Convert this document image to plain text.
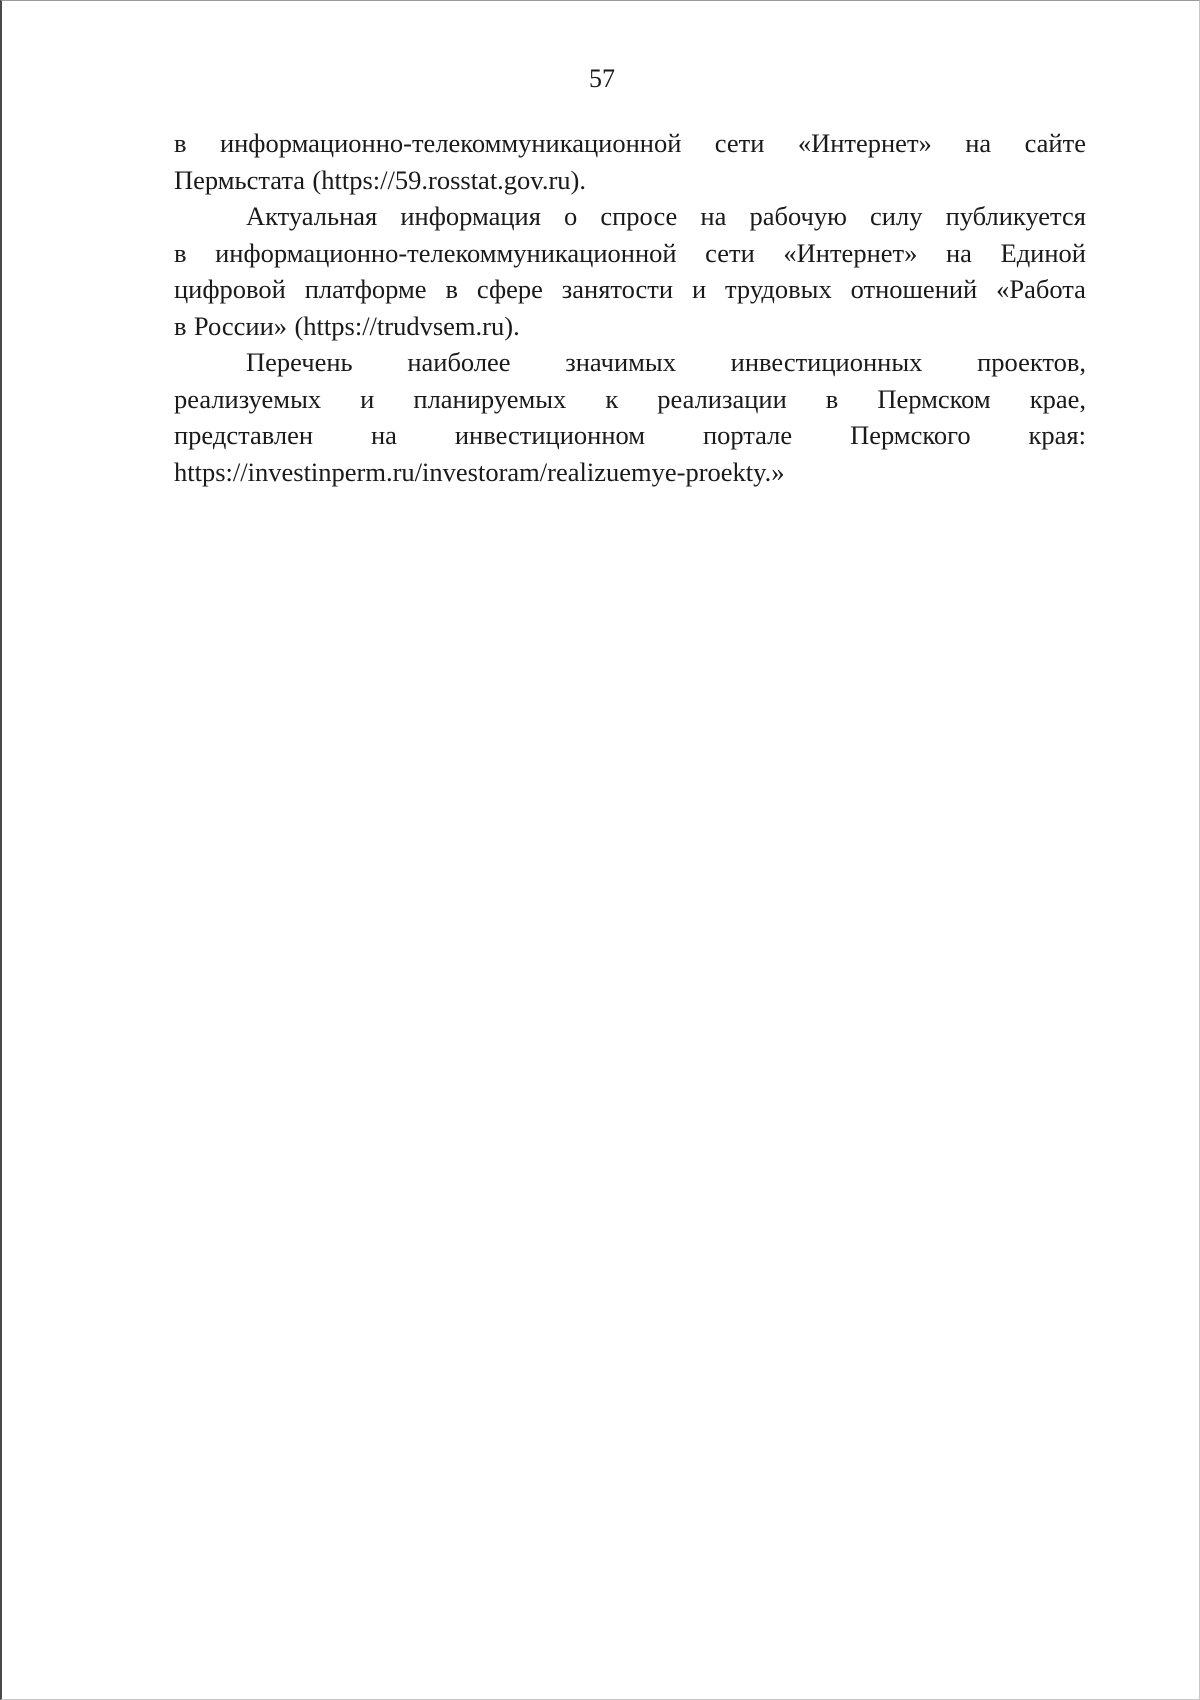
57
в информационно-телекоммуникационной сети «Интернет» на сайте
Пермьстата (https://59.rosstat.gov.ru).
Актуальная информация о спросе на рабочую силу публикуется
в информационно-телекоммуникационной сети «Интернет» на Единой
цифровой платформе в сфере занятости и трудовых отношений «Работа
в России» (https://trudvsem.ru).
Перечень наиболее значимых инвестиционных проектов,
реализуемых и планируемых к реализации в Пермском крае,
представлен на инвестиционном портале Пермского края:
https://investinperm.ru/investoram/realizuemye-proekty.»
